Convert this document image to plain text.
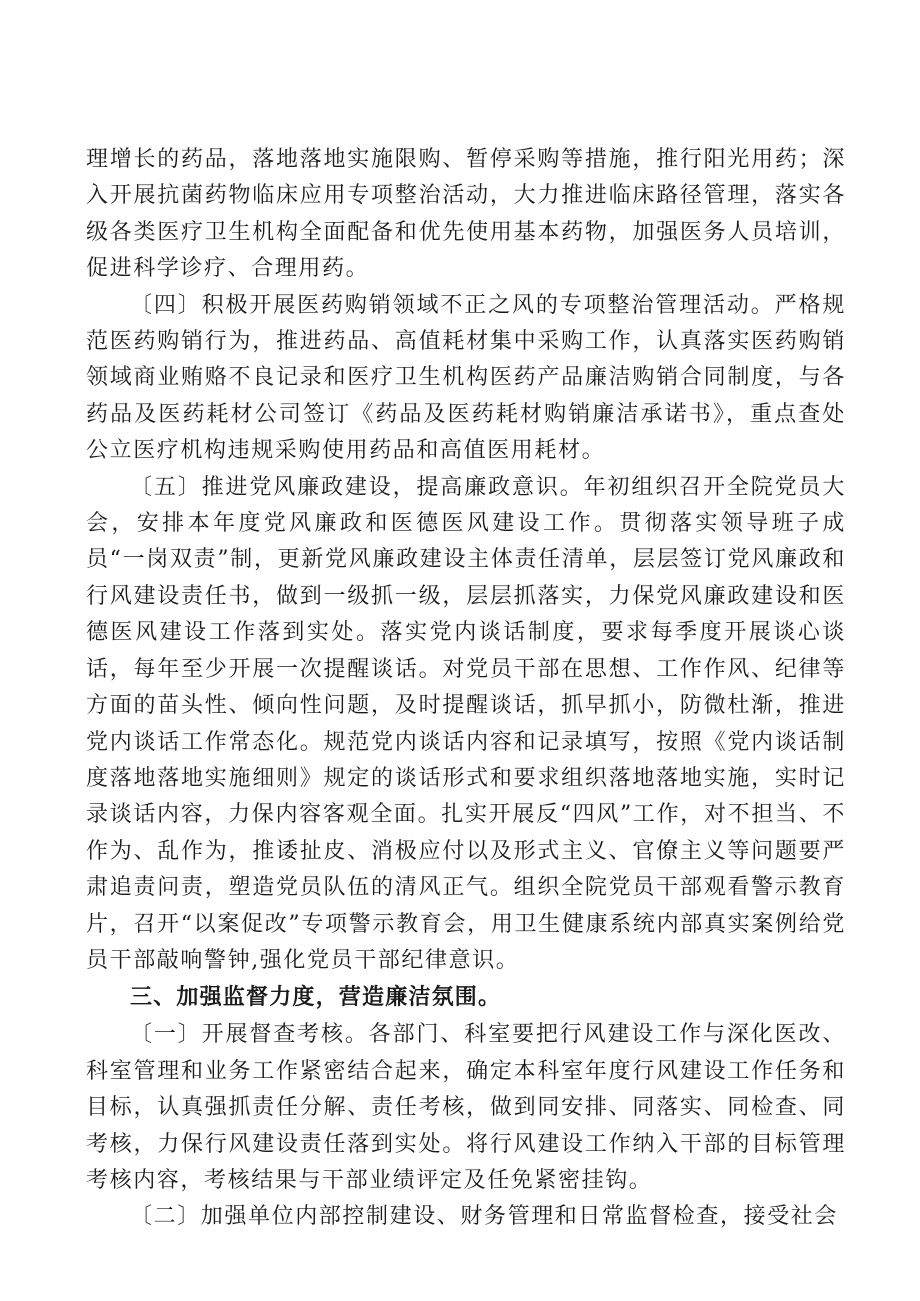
理增长的药品，落地落地实施限购、暂停采购等措施，推行阳光用药；深入开展抗菌药物临床应用专项整治活动，大力推进临床路径管理，落实各级各类医疗卫生机构全面配备和优先使用基本药物，加强医务人员培训，促进科学诊疗、合理用药。

〔四〕积极开展医药购销领域不正之风的专项整治管理活动。严格规范医药购销行为，推进药品、高值耗材集中采购工作，认真落实医药购销领域商业贿赂不良记录和医疗卫生机构医药产品廉洁购销合同制度，与各药品及医药耗材公司签订《药品及医药耗材购销廉洁承诺书》，重点查处公立医疗机构违规采购使用药品和高值医用耗材。

〔五〕推进党风廉政建设，提高廉政意识。年初组织召开全院党员大会，安排本年度党风廉政和医德医风建设工作。贯彻落实领导班子成员“一岗双责”制，更新党风廉政建设主体责任清单，层层签订党风廉政和行风建设责任书，做到一级抓一级，层层抓落实，力保党风廉政建设和医德医风建设工作落到实处。落实党内谈话制度，要求每季度开展谈心谈话，每年至少开展一次提醒谈话。对党员干部在思想、工作作风、纪律等方面的苗头性、倾向性问题，及时提醒谈话，抓早抓小，防微杜渐，推进党内谈话工作常态化。规范党内谈话内容和记录填写，按照《党内谈话制度落地落地实施细则》规定的谈话形式和要求组织落地落地实施，实时记录谈话内容，力保内容客观全面。扎实开展反“四风”工作，对不担当、不作为、乱作为，推诿扯皮、消极应付以及形式主义、官僚主义等问题要严肃追责问责，塑造党员队伍的清风正气。组织全院党员干部观看警示教育片，召开“以案促改”专项警示教育会，用卫生健康系统内部真实案例给党员干部敲响警钟,强化党员干部纪律意识。

三、加强监督力度，营造廉洁氛围。

〔一〕开展督查考核。各部门、科室要把行风建设工作与深化医改、科室管理和业务工作紧密结合起来，确定本科室年度行风建设工作任务和目标，认真强抓责任分解、责任考核，做到同安排、同落实、同检查、同考核，力保行风建设责任落到实处。将行风建设工作纳入干部的目标管理考核内容，考核结果与干部业绩评定及任免紧密挂钩。

〔二〕加强单位内部控制建设、财务管理和日常监督检查，接受社会
